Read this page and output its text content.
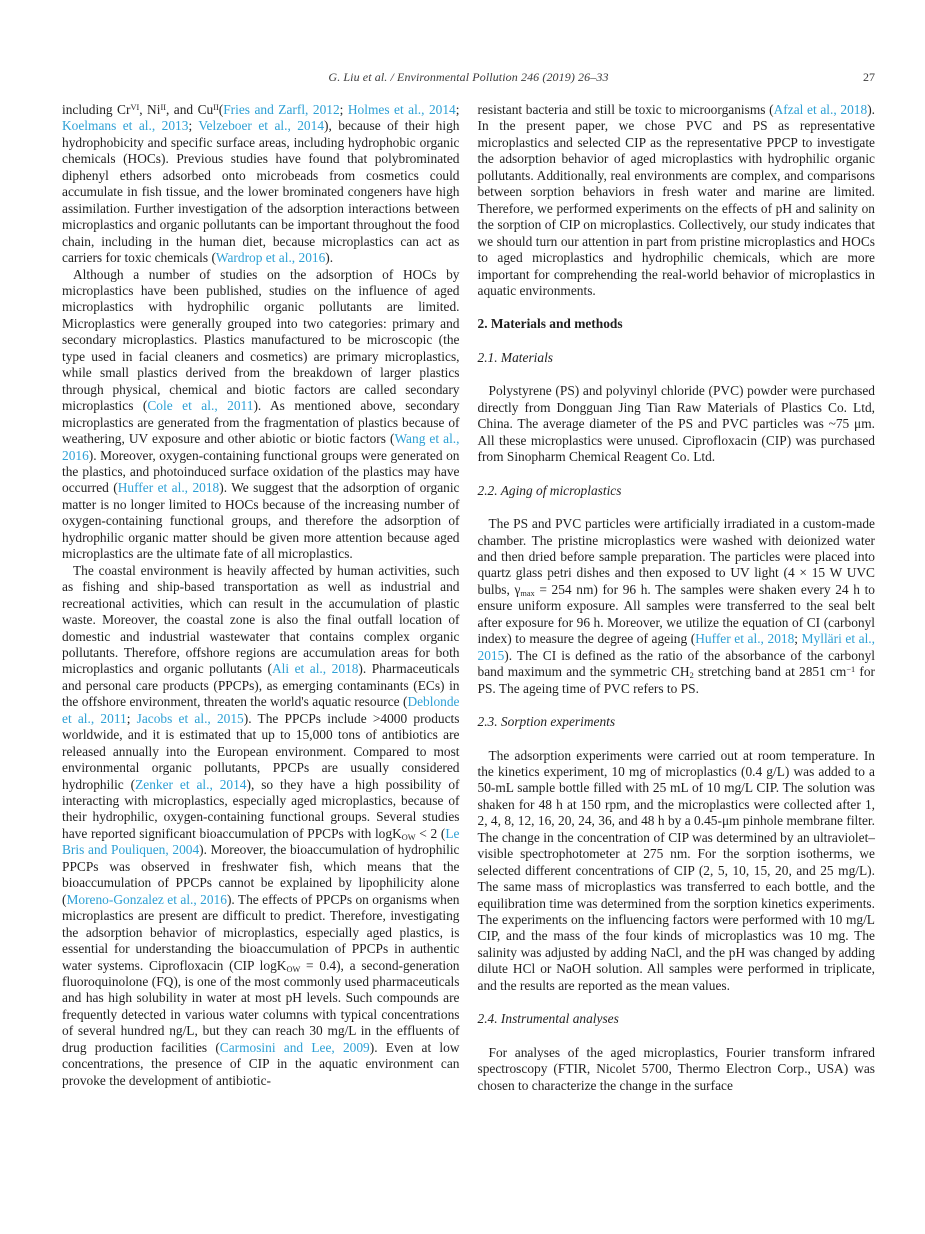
G. Liu et al. / Environmental Pollution 246 (2019) 26–33	27

including $Cr^{VI}$, $Ni^{II}$, and $Cu^{II}(Fries$ and Zarfl, 2012; Holmes et al., 2014; Koelmans et al., 2013; Velzeboer et al., 2014), because of their high hydrophobicity and specific surface areas, including hydrophobic organic chemicals (HOCs). Previous studies have found that polybrominated diphenyl ethers adsorbed onto microbeads from cosmetics could accumulate in fish tissue, and the lower brominated congeners have high assimilation. Further investigation of the adsorption interactions between microplastics and organic pollutants can be important throughout the food chain, including in the human diet, because microplastics can act as carriers for toxic chemicals (Wardrop et al., 2016).

Although a number of studies on the adsorption of HOCs by microplastics have been published, studies on the influence of aged microplastics with hydrophilic organic pollutants are limited. Microplastics were generally grouped into two categories: primary and secondary microplastics. Plastics manufactured to be microscopic (the type used in facial cleaners and cosmetics) are primary microplastics, while small plastics derived from the breakdown of larger plastics through physical, chemical and biotic factors are called secondary microplastics (Cole et al., 2011). As mentioned above, secondary microplastics are generated from the fragmentation of plastics because of weathering, UV exposure and other abiotic or biotic factors (Wang et al., 2016). Moreover, oxygen-containing functional groups were generated on the plastics, and photoinduced surface oxidation of the plastics may have occurred (Huffer et al., 2018). We suggest that the adsorption of organic matter is no longer limited to HOCs because of the increasing number of oxygen-containing functional groups, and therefore the adsorption of hydrophilic organic matter should be given more attention because aged microplastics are the ultimate fate of all microplastics.

The coastal environment is heavily affected by human activities, such as fishing and ship-based transportation as well as industrial and recreational activities, which can result in the accumulation of plastic waste. Moreover, the coastal zone is also the final outfall location of domestic and industrial wastewater that contains complex organic pollutants. Therefore, offshore regions are accumulation areas for both microplastics and organic pollutants (Ali et al., 2018). Pharmaceuticals and personal care products (PPCPs), as emerging contaminants (ECs) in the offshore environment, threaten the world's aquatic resource (Deblonde et al., 2011; Jacobs et al., 2015). The PPCPs include >4000 products worldwide, and it is estimated that up to 15,000 tons of antibiotics are released annually into the European environment. Compared to most environmental organic pollutants, PPCPs are usually considered hydrophilic (Zenker et al., 2014), so they have a high possibility of interacting with microplastics, especially aged microplastics, because of their hydrophilic, oxygen-containing functional groups. Several studies have reported significant bioaccumulation of PPCPs with logK$_{OW}$ < 2 (Le Bris and Pouliquen, 2004). Moreover, the bioaccumulation of hydrophilic PPCPs was observed in freshwater fish, which means that the bioaccumulation of PPCPs cannot be explained by lipophilicity alone (Moreno-Gonzalez et al., 2016). The effects of PPCPs on organisms when microplastics are present are difficult to predict. Therefore, investigating the adsorption behavior of microplastics, especially aged plastics, is essential for understanding the bioaccumulation of PPCPs in authentic water systems. Ciprofloxacin (CIP logK$_{OW}$ = 0.4), a second-generation fluoroquinolone (FQ), is one of the most commonly used pharmaceuticals and has high solubility in water at most pH levels. Such compounds are frequently detected in various water columns with typical concentrations of several hundred ng/L, but they can reach 30 mg/L in the effluents of drug production facilities (Carmosini and Lee, 2009). Even at low concentrations, the presence of CIP in the aquatic environment can provoke the development of antibiotic-

resistant bacteria and still be toxic to microorganisms (Afzal et al., 2018). In the present paper, we chose PVC and PS as representative microplastics and selected CIP as the representative PPCP to investigate the adsorption behavior of aged microplastics with hydrophilic organic pollutants. Additionally, real environments are complex, and comparisons between sorption behaviors in fresh water and marine are limited. Therefore, we performed experiments on the effects of pH and salinity on the sorption of CIP on microplastics. Collectively, our study indicates that we should turn our attention in part from pristine microplastics and HOCs to aged microplastics and hydrophilic chemicals, which are more important for comprehending the real-world behavior of microplastics in aquatic environments.

2. Materials and methods
2.1. Materials

Polystyrene (PS) and polyvinyl chloride (PVC) powder were purchased directly from Dongguan Jing Tian Raw Materials of Plastics Co. Ltd, China. The average diameter of the PS and PVC particles was ~75 μm. All these microplastics were unused. Ciprofloxacin (CIP) was purchased from Sinopharm Chemical Reagent Co. Ltd.

2.2. Aging of microplastics

The PS and PVC particles were artificially irradiated in a custom-made chamber. The pristine microplastics were washed with deionized water and then dried before sample preparation. The particles were placed into quartz glass petri dishes and then exposed to UV light (4 × 15 W UVC bulbs, $\gamma_{max} = 254$ nm) for 96 h. The samples were shaken every 24 h to ensure uniform exposure. All samples were transferred to the seal belt after exposure for 96 h. Moreover, we utilize the equation of CI (carbonyl index) to measure the degree of ageing (Huffer et al., 2018; Mylläri et al., 2015). The CI is defined as the ratio of the absorbance of the carbonyl band maximum and the symmetric $CH_2$ stretching band at 2851 $cm^{-1}$ for PS. The ageing time of PVC refers to PS.

2.3. Sorption experiments

The adsorption experiments were carried out at room temperature. In the kinetics experiment, 10 mg of microplastics (0.4 g/L) was added to a 50-mL sample bottle filled with 25 mL of 10 mg/L CIP. The solution was shaken for 48 h at 150 rpm, and the microplastics were collected after 1, 2, 4, 8, 12, 16, 20, 24, 36, and 48 h by a 0.45-μm pinhole membrane filter. The change in the concentration of CIP was determined by an ultraviolet–visible spectrophotometer at 275 nm. For the sorption isotherms, we selected different concentrations of CIP (2, 5, 10, 15, 20, and 25 mg/L). The same mass of microplastics was transferred to each bottle, and the equilibration time was determined from the sorption kinetics experiments. The experiments on the influencing factors were performed with 10 mg/L CIP, and the mass of the four kinds of microplastics was 10 mg. The salinity was adjusted by adding NaCl, and the pH was changed by adding dilute HCl or NaOH solution. All samples were performed in triplicate, and the results are reported as the mean values.

2.4. Instrumental analyses

For analyses of the aged microplastics, Fourier transform infrared spectroscopy (FTIR, Nicolet 5700, Thermo Electron Corp., USA) was chosen to characterize the change in the surface
